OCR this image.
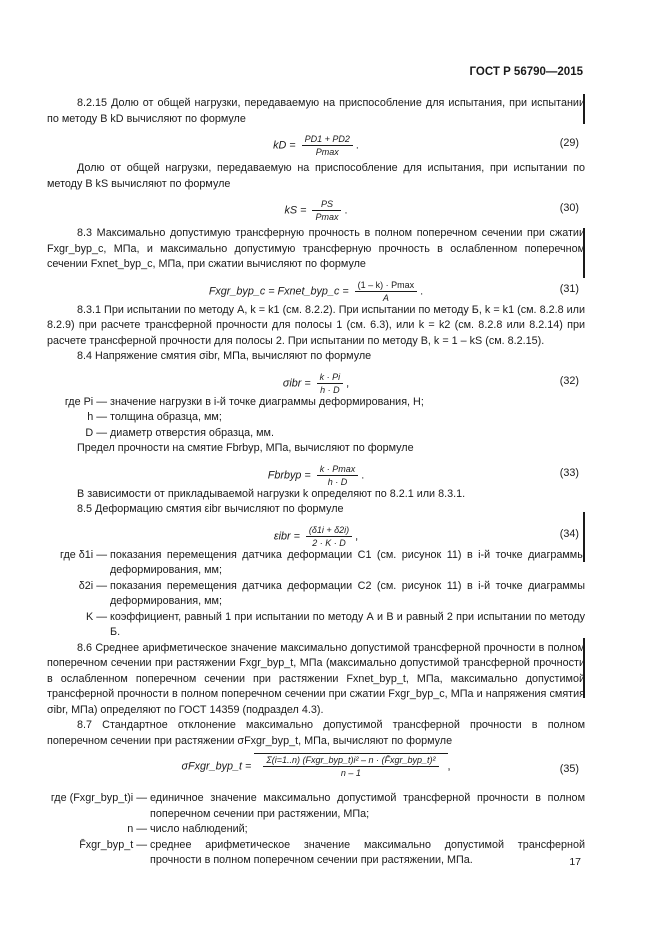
ГОСТ Р 56790—2015

8.2.15 Долю от общей нагрузки, передаваемую на приспособление для испытания, при испытании по методу В kD вычисляют по формуле

kD = $\frac{PD1 + PD2}{Pmax}$ .	(29)

Долю от общей нагрузки, передаваемую на приспособление для испытания, при испытании по методу В kS вычисляют по формуле

kS = $\frac{PS}{Pmax}$ .	(30)

8.3 Максимально допустимую трансферную прочность в полном поперечном сечении при сжатии Fxgr_byp_c, МПа, и максимально допустимую трансферную прочность в ослабленном поперечном сечении Fxnet_byp_c, МПа, при сжатии вычисляют по формуле

Fxgr_byp_c = Fxnet_byp_c = $\frac{(1 - k) \cdot Pmax}{A}$ .	(31)

8.3.1 При испытании по методу А, k = k1 (см. 8.2.2). При испытании по методу Б, k = k1 (см. 8.2.8 или 8.2.9) при расчете трансферной прочности для полосы 1 (см. 6.3), или k = k2 (см. 8.2.8 или 8.2.14) при расчете трансферной прочности для полосы 2. При испытании по методу В, k = 1 – kS (см. 8.2.15).

8.4 Напряжение смятия σibr, МПа, вычисляют по формуле

$\sigma ibr = \frac{k \cdot Pi}{h \cdot D}$ ,	(32)
где Pi — значение нагрузки в i-й точке диаграммы деформирования, Н;
h — толщина образца, мм;
D — диаметр отверстия образца, мм.

Предел прочности на смятие Fbrbyp, МПа, вычисляют по формуле

Fbrbyp = $\frac{k \cdot Pmax}{h \cdot D}$ .	(33)

В зависимости от прикладываемой нагрузки k определяют по 8.2.1 или 8.3.1.

8.5 Деформацию смятия εibr вычисляют по формуле

$\varepsilon ibr = \frac{(\delta 1i + \delta 2i)}{2 \cdot K \cdot D}$ ,	(34)
где δ1i — показания перемещения датчика деформации C1 (см. рисунок 11) в i-й точке диаграммы деформирования, мм;
δ2i — показания перемещения датчика деформации C2 (см. рисунок 11) в i-й точке диаграммы деформирования, мм;
K — коэффициент, равный 1 при испытании по методу А и В и равный 2 при испытании по методу Б.

8.6 Среднее арифметическое значение максимально допустимой трансферной прочности в полном поперечном сечении при растяжении Fxgr_byp_t, МПа (максимально допустимой трансферной прочности в ослабленном поперечном сечении при растяжении Fxnet_byp_t, МПа, максимально допустимой трансферной прочности в полном поперечном сечении при сжатии Fxgr_byp_c, МПа и напряжения смятия σibr, МПа) определяют по ГОСТ 14359 (подраздел 4.3).

8.7 Стандартное отклонение максимально допустимой трансферной прочности в полном поперечном сечении при растяжении σFxgr_byp_t, МПа, вычисляют по формуле

σFxgr_byp_t = $\frac{\text{Σ(i=1..n) (Fxgr\_byp\_t)i² – n · (F̄xgr\_byp\_t)²}}{n - 1}$ ,	(35)
где (Fxgr_byp_t)i — единичное значение максимально допустимой трансферной прочности в полном поперечном сечении при растяжении, МПа;
n — число наблюдений;
F̄xgr_byp_t — среднее арифметическое значение максимально допустимой трансферной прочности в полном поперечном сечении при растяжении, МПа.	17
